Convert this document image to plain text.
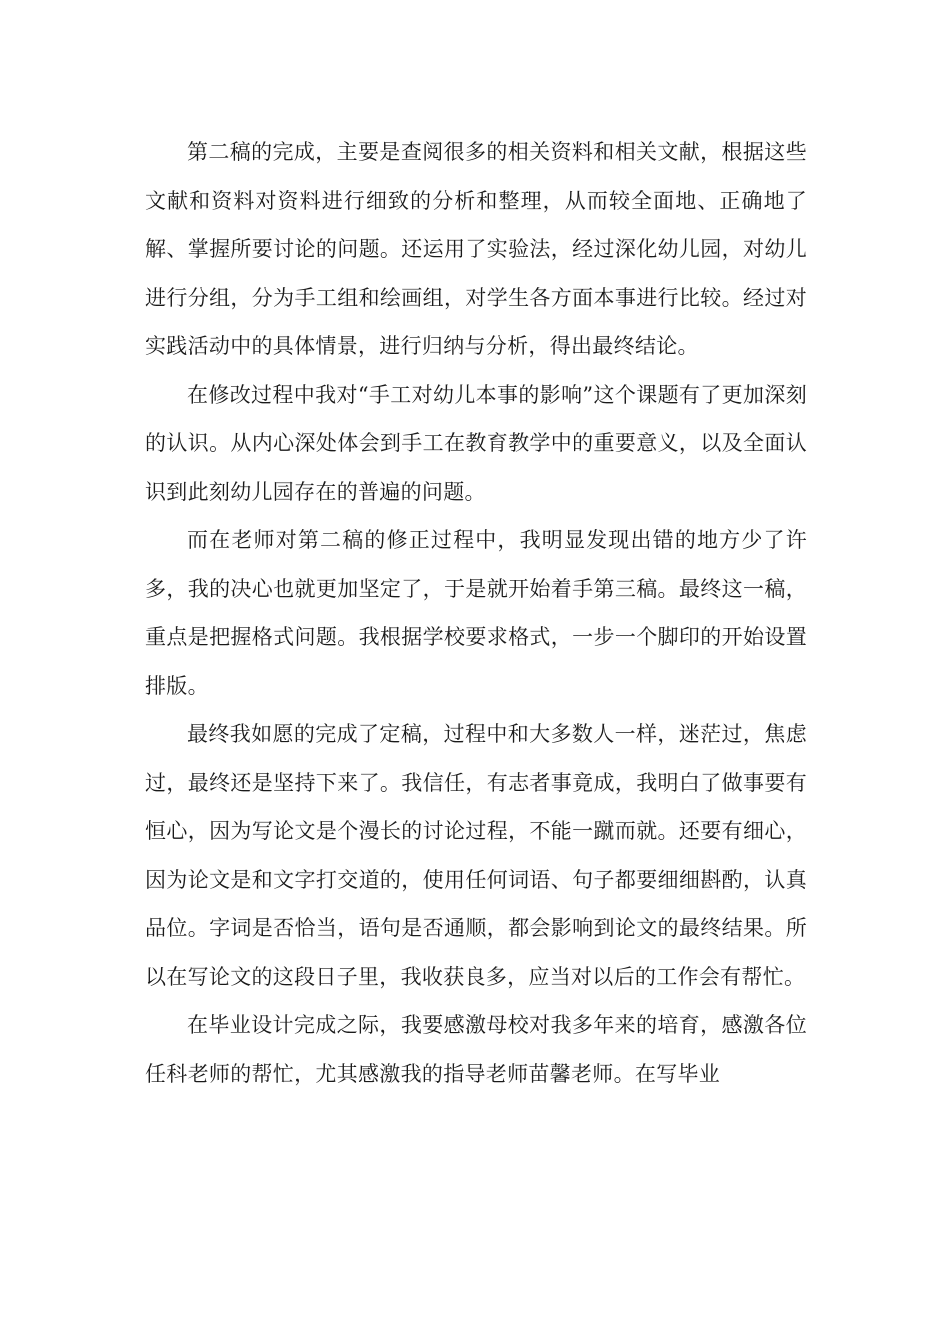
第二稿的完成，主要是查阅很多的相关资料和相关文献，根据这些文献和资料对资料进行细致的分析和整理，从而较全面地、正确地了解、掌握所要讨论的问题。还运用了实验法，经过深化幼儿园，对幼儿进行分组，分为手工组和绘画组，对学生各方面本事进行比较。经过对实践活动中的具体情景，进行归纳与分析，得出最终结论。

在修改过程中我对“手工对幼儿本事的影响”这个课题有了更加深刻的认识。从内心深处体会到手工在教育教学中的重要意义，以及全面认识到此刻幼儿园存在的普遍的问题。

而在老师对第二稿的修正过程中，我明显发现出错的地方少了许多，我的决心也就更加坚定了，于是就开始着手第三稿。最终这一稿，重点是把握格式问题。我根据学校要求格式，一步一个脚印的开始设置排版。

最终我如愿的完成了定稿，过程中和大多数人一样，迷茫过，焦虑过，最终还是坚持下来了。我信任，有志者事竟成，我明白了做事要有恒心，因为写论文是个漫长的讨论过程，不能一蹴而就。还要有细心，因为论文是和文字打交道的，使用任何词语、句子都要细细斟酌，认真品位。字词是否恰当，语句是否通顺，都会影响到论文的最终结果。所以在写论文的这段日子里，我收获良多，应当对以后的工作会有帮忙。

在毕业设计完成之际，我要感激母校对我多年来的培育，感激各位任科老师的帮忙，尤其感激我的指导老师苗馨老师。在写毕业
